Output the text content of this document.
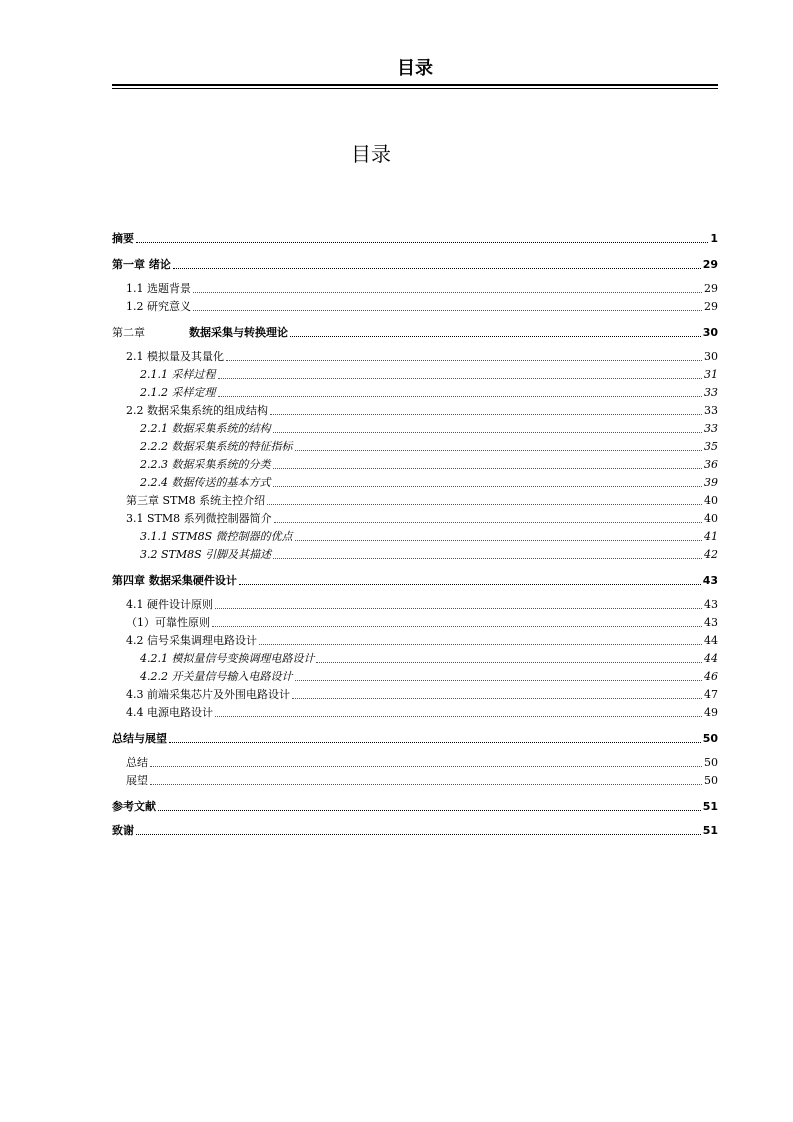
目录
目录
摘要	1
第一章 绪论	29
1.1 选题背景	29
1.2 研究意义	29
第二章	数据采集与转换理论	30
2.1 模拟量及其量化	30
2.1.1 采样过程	31
2.1.2 采样定理	33
2.2 数据采集系统的组成结构	33
2.2.1 数据采集系统的结构	33
2.2.2 数据采集系统的特征指标	35
2.2.3 数据采集系统的分类	36
2.2.4 数据传送的基本方式	39
第三章 STM8 系统主控介绍	40
3.1 STM8 系列微控制器简介	40
3.1.1 STM8S 微控制器的优点	41
3.2 STM8S 引脚及其描述	42
第四章 数据采集硬件设计	43
4.1 硬件设计原则	43
（1）可靠性原则	43
4.2 信号采集调理电路设计	44
4.2.1 模拟量信号变换调理电路设计	44
4.2.2 开关量信号输入电路设计	46
4.3 前端采集芯片及外围电路设计	47
4.4 电源电路设计	49
总结与展望	50
总结	50
展望	50
参考文献	51
致谢	51
